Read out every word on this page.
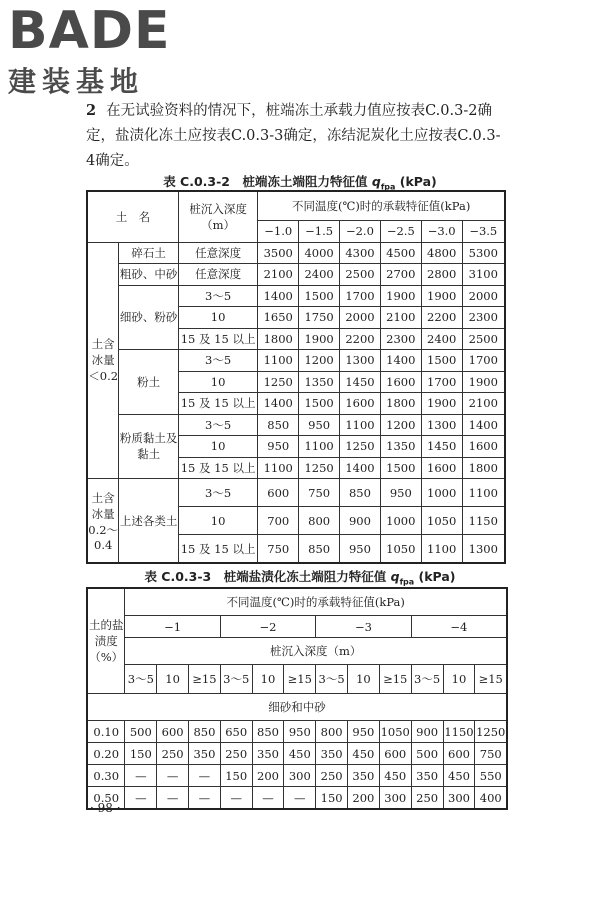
BADE
建装基地
2 在无试验资料的情况下，桩端冻土承载力值应按表C.0.3-2确定，盐渍化冻土应按表C.0.3-3确定，冻结泥炭化土应按表C.0.3-4确定。
表 C.0.3-2　桩端冻土端阻力特征值 $q_{fpa}$ (kPa)
土　名		桩沉入深度（m）	不同温度(℃)时的承载特征值(kPa)					
			−1.0	−1.5	−2.0	−2.5	−3.0	−3.5
土含冰量＜0.2	碎石土	任意深度	3500	4000	4300	4500	4800	5300
	粗砂、中砂	任意深度	2100	2400	2500	2700	2800	3100
	细砂、粉砂	3～5	1400	1500	1700	1900	1900	2000
		10	1650	1750	2000	2100	2200	2300
		15 及 15 以上	1800	1900	2200	2300	2400	2500
	粉土	3～5	1100	1200	1300	1400	1500	1700
		10	1250	1350	1450	1600	1700	1900
		15 及 15 以上	1400	1500	1600	1800	1900	2100
	粉质黏土及黏土	3～5	850	950	1100	1200	1300	1400
		10	950	1100	1250	1350	1450	1600
		15 及 15 以上	1100	1250	1400	1500	1600	1800
土含冰量0.2～0.4	上述各类土	3～5	600	750	850	950	1000	1100
		10	700	800	900	1000	1050	1150
		15 及 15 以上	750	850	950	1050	1100	1300
表 C.0.3-3　桩端盐渍化冻土端阻力特征值 $q_{fpa}$ (kPa)
土的盐渍度（%）	不同温度(℃)时的承载特征值(kPa)											
	−1			−2			−3			−4		
	桩沉入深度（m）											
	3～5	10	≥15	3～5	10	≥15	3～5	10	≥15	3～5	10	≥15
细砂和中砂												
0.10	500	600	850	650	850	950	800	950	1050	900	1150	1250
0.20	150	250	350	250	350	450	350	450	600	500	600	750
0.30	—	—	—	150	200	300	250	350	450	350	450	550
0.50	—	—	—	—	—	—	150	200	300	250	300	400
· 98 ·
